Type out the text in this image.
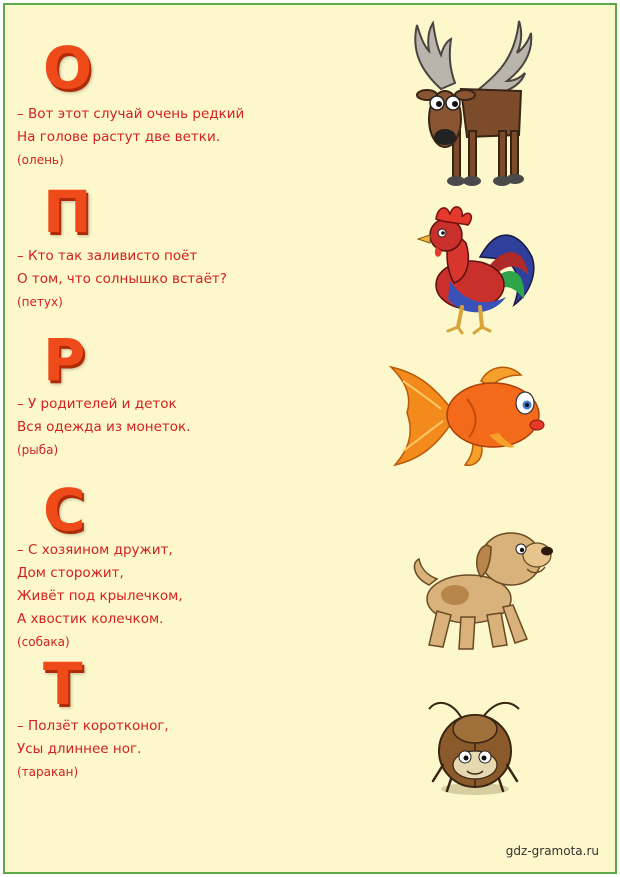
О
– Вот этот случай очень редкий
На голове растут две ветки.
(олень)
П
– Кто так заливисто поёт
О том, что солнышко встаёт?
(петух)
Р
– У родителей и деток
Вся одежда из монеток.
(рыба)
С
– С хозяином дружит,
Дом сторожит,
Живёт под крылечком,
А хвостик колечком.
(собака)
Т
– Ползёт коротконог,
Усы длиннее ног.
(таракан)
gdz-gramota.ru
